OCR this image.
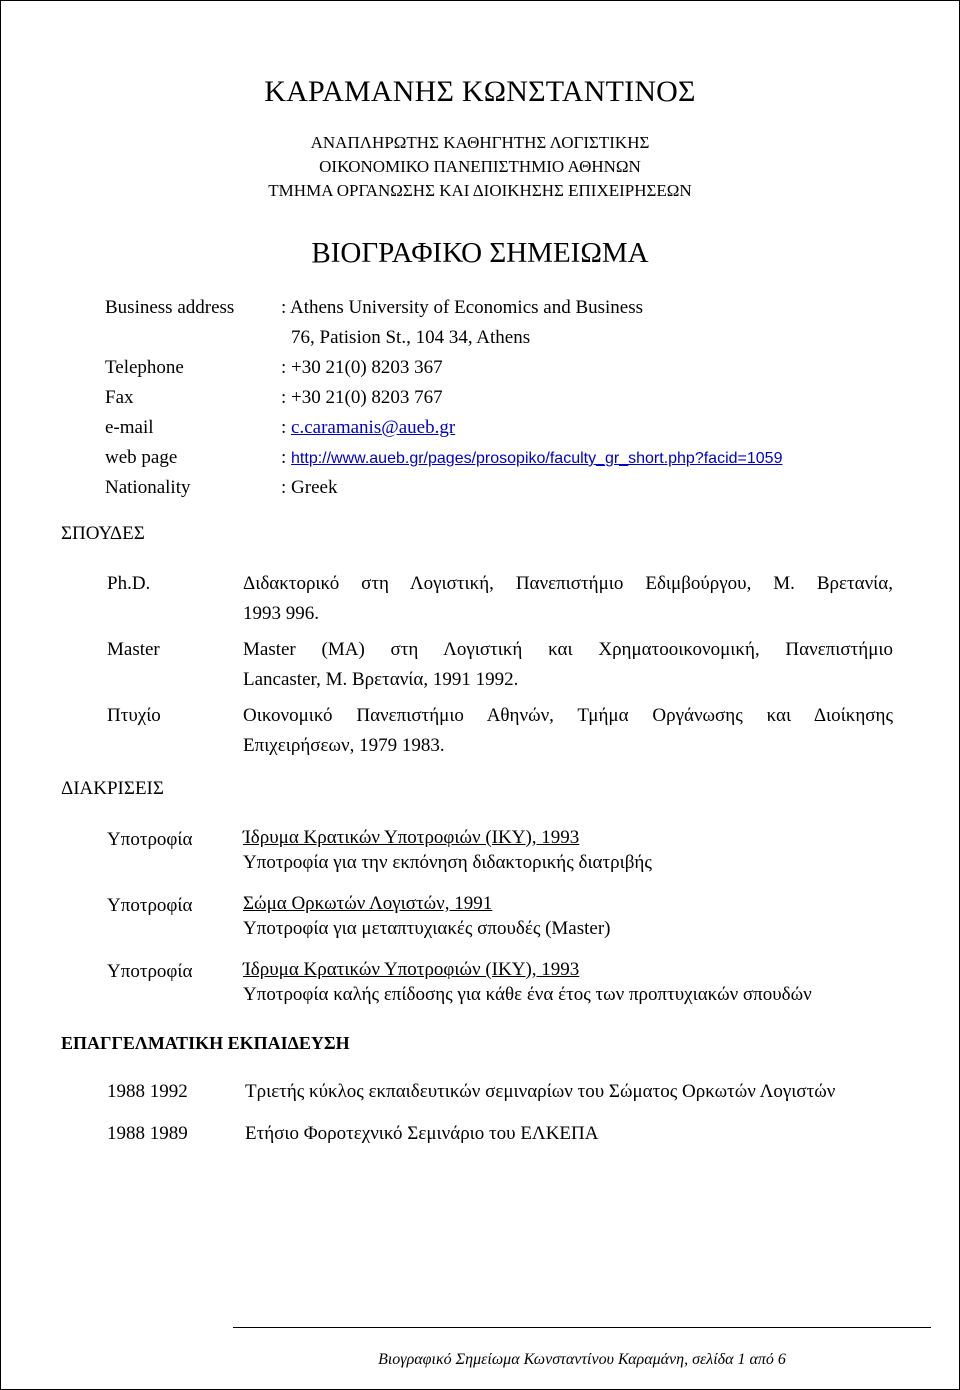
ΚΑΡΑΜΑΝΗΣ ΚΩΝΣΤΑΝΤΙΝΟΣ
ΑΝΑΠΛΗΡΩΤΗΣ ΚΑΘΗΓΗΤΗΣ ΛΟΓΙΣΤΙΚΗΣ
ΟΙΚΟΝΟΜΙΚΟ ΠΑΝΕΠΙΣΤΗΜΙΟ ΑΘΗΝΩΝ
ΤΜΗΜΑ ΟΡΓΑΝΩΣΗΣ ΚΑΙ ΔΙΟΙΚΗΣΗΣ ΕΠΙΧΕΙΡΗΣΕΩΝ
ΒΙΟΓΡΑΦΙΚΟ ΣΗΜΕΙΩΜΑ
Business address : Athens University of Economics and Business
76, Patision St., 104 34, Athens
Telephone	: +30 21(0) 8203 367
Fax	: +30 21(0) 8203 767
e-mail	: c.caramanis@aueb.gr
web page	: http://www.aueb.gr/pages/prosopiko/faculty_gr_short.php?facid=1059
Nationality	: Greek
ΣΠΟΥΔΕΣ
Ph.D.	Διδακτορικό στη Λογιστική, Πανεπιστήμιο Εδιμβούργου, Μ. Βρετανία,
1993 996.
Master	Master (MA) στη Λογιστική και Χρηματοοικονομική, Πανεπιστήμιο
Lancaster, Μ. Βρετανία, 1991 1992.
Πτυχίο	Οικονομικό Πανεπιστήμιο Αθηνών, Τμήμα Οργάνωσης και Διοίκησης
Επιχειρήσεων, 1979 1983.
ΔΙΑΚΡΙΣΕΙΣ
Υποτροφία	Ίδρυμα Κρατικών Υποτροφιών (ΙΚΥ), 1993
Υποτροφία για την εκπόνηση διδακτορικής διατριβής
Υποτροφία	Σώμα Ορκωτών Λογιστών, 1991
Υποτροφία για μεταπτυχιακές σπουδές (Master)
Υποτροφία	Ίδρυμα Κρατικών Υποτροφιών (ΙΚΥ), 1993
Υποτροφία καλής επίδοσης για κάθε ένα έτος των προπτυχιακών σπουδών
ΕΠΑΓΓΕΛΜΑΤΙΚΗ ΕΚΠΑΙΔΕΥΣΗ
1988 1992	Τριετής κύκλος εκπαιδευτικών σεμιναρίων του Σώματος Ορκωτών Λογιστών
1988 1989	Ετήσιο Φοροτεχνικό Σεμινάριο του ΕΛΚΕΠΑ
Βιογραφικό Σημείωμα Κωνσταντίνου Καραμάνη, σελίδα 1 από 6
